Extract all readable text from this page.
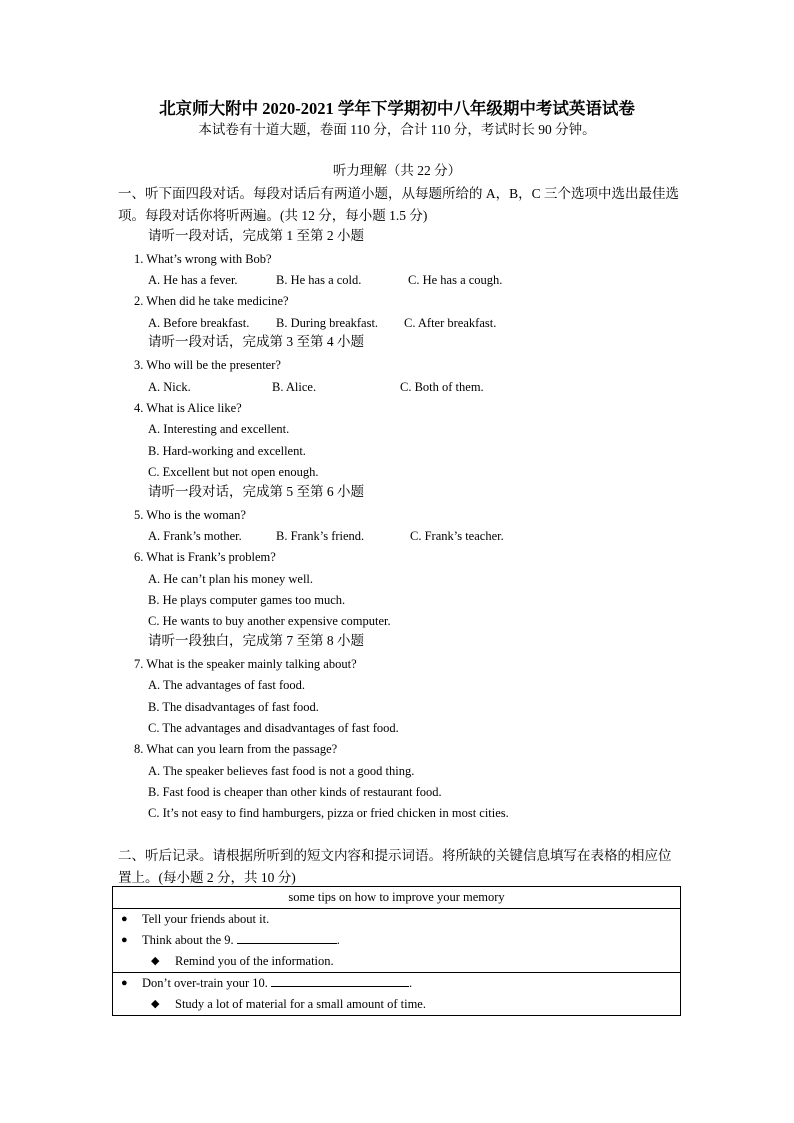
北京师大附中 2020-2021 学年下学期初中八年级期中考试英语试卷
本试卷有十道大题，卷面 110 分，合计 110 分，考试时长 90 分钟。
听力理解（共 22 分）

一、听下面四段对话。每段对话后有两道小题，从每题所给的 A，B，C 三个选项中选出最佳选项。每段对话你将听两遍。(共 12 分，每小题 1.5 分)

请听一段对话，完成第 1 至第 2 小题
1. What’s wrong with Bob?
A. He has a fever.	B. He has a cold.	C. He has a cough.
2. When did he take medicine?
A. Before breakfast. B. During breakfast. C. After breakfast.
请听一段对话，完成第 3 至第 4 小题
3. Who will be the presenter?
A. Nick.	B. Alice.	C. Both of them.
4. What is Alice like?
A. Interesting and excellent.
B. Hard-working and excellent.
C. Excellent but not open enough.
请听一段对话，完成第 5 至第 6 小题
5. Who is the woman?
A. Frank’s mother.	B. Frank’s friend.	C. Frank’s teacher.
6. What is Frank’s problem?
A. He can’t plan his money well.
B. He plays computer games too much.
C. He wants to buy another expensive computer.
请听一段独白，完成第 7 至第 8 小题
7. What is the speaker mainly talking about?
A. The advantages of fast food.
B. The disadvantages of fast food.
C. The advantages and disadvantages of fast food.
8. What can you learn from the passage?
A. The speaker believes fast food is not a good thing.
B. Fast food is cheaper than other kinds of restaurant food.
C. It’s not easy to find hamburgers, pizza or fried chicken in most cities.

二、听后记录。请根据所听到的短文内容和提示词语。将所缺的关键信息填写在表格的相应位置上。(每小题 2 分，共 10 分)

some tips on how to improve your memory

● Tell your friends about it.
● Think about the 9.	.
◆ Remind you of the information.

● Don’t over-train your 10.	.
◆ Study a lot of material for a small amount of time.
